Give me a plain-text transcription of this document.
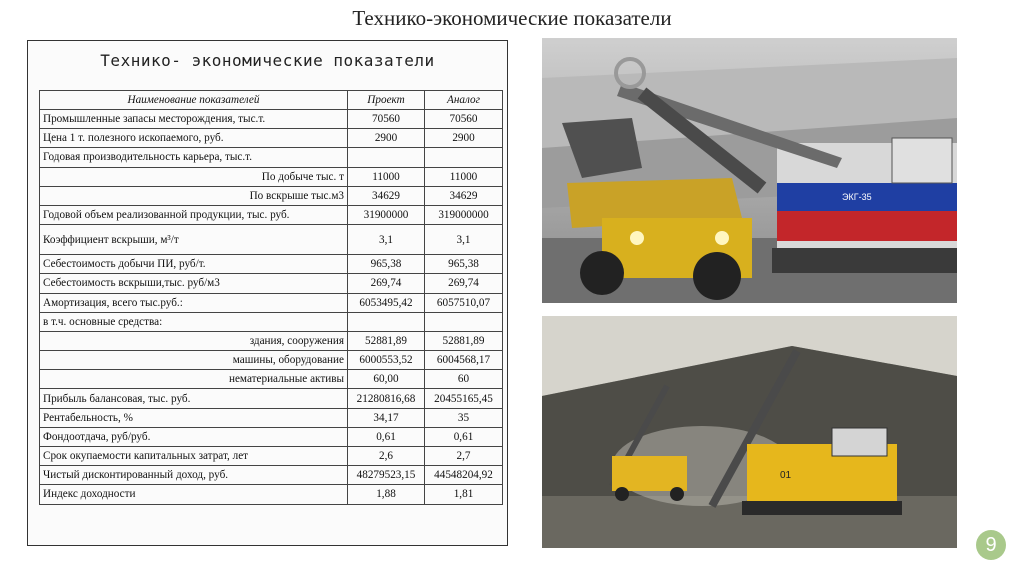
Технико-экономические показатели
Технико- экономические показатели
Наименование показателей	Проект	Аналог
Промышленные запасы месторождения, тыс.т.	70560	70560
Цена 1 т. полезного ископаемого, руб.	2900	2900
Годовая производительность карьера, тыс.т.		
По добыче тыс. т	11000	11000
По вскрыше тыс.м3	34629	34629
Годовой объем реализованной продукции, тыс. руб.	31900000	319000000
Коэффициент вскрыши, м³/т	3,1	3,1
Себестоимость добычи ПИ, руб/т.	965,38	965,38
Себестоимость вскрыши,тыс. руб/м3	269,74	269,74
Амортизация, всего тыс.руб.:	6053495,42	6057510,07
в т.ч. основные средства:		
здания, сооружения	52881,89	52881,89
машины, оборудование	6000553,52	6004568,17
нематериальные активы	60,00	60
Прибыль балансовая, тыс. руб.	21280816,68	20455165,45
Рентабельность, %	34,17	35
Фондоотдача, руб/руб.	0,61	0,61
Срок окупаемости капитальных затрат, лет	2,6	2,7
Чистый дисконтированный доход, руб.	48279523,15	44548204,92
Индекс доходности	1,88	1,81
ЭКГ-35
01
9
